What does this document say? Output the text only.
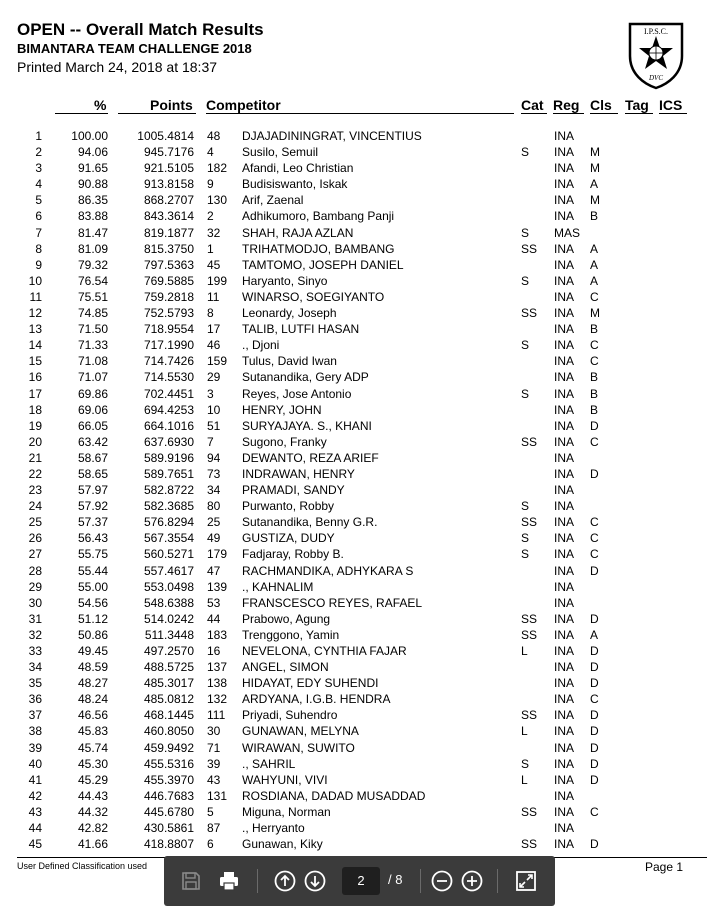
OPEN -- Overall Match Results
BIMANTARA TEAM CHALLENGE 2018
Printed March 24, 2018 at 18:37
I.P.S.C.
DVC
%	Points Competitor	Cat Reg Cls Tag ICS
1	100.00	1005.4814 48 DJAJADININGRAT, VINCENTIUS	INA
2	94.06	945.7176 4 Susilo, Semuil	S INA M
3	91.65	921.5105 182 Afandi, Leo Christian	INA M
4	90.88	913.8158 9 Budisiswanto, Iskak	INA A
5	86.35	868.2707 130 Arif, Zaenal	INA M
6	83.88	843.3614 2 Adhikumoro, Bambang Panji	INA B
7	81.47	819.1877 32 SHAH, RAJA AZLAN	S MAS
8	81.09	815.3750 1 TRIHATMODJO, BAMBANG	SS INA A
9	79.32	797.5363 45 TAMTOMO, JOSEPH DANIEL	INA A
10	76.54	769.5885 199 Haryanto, Sinyo	S INA A
11	75.51	759.2818 11 WINARSO, SOEGIYANTO	INA C
12	74.85	752.5793 8 Leonardy, Joseph	SS INA M
13	71.50	718.9554 17 TALIB, LUTFI HASAN	INA B
14	71.33	717.1990 46 ., Djoni	S INA C
15	71.08	714.7426 159 Tulus, David Iwan	INA C
16	71.07	714.5530 29 Sutanandika, Gery ADP	INA B
17	69.86	702.4451 3 Reyes, Jose Antonio	S INA B
18	69.06	694.4253 10 HENRY, JOHN	INA B
19	66.05	664.1016 51 SURYAJAYA. S., KHANI	INA D
20	63.42	637.6930 7 Sugono, Franky	SS INA C
21	58.67	589.9196 94 DEWANTO, REZA ARIEF	INA
22	58.65	589.7651 73 INDRAWAN, HENRY	INA D
23	57.97	582.8722 34 PRAMADI, SANDY	INA
24	57.92	582.3685 80 Purwanto, Robby	S INA
25	57.37	576.8294 25 Sutanandika, Benny G.R.	SS INA C
26	56.43	567.3554 49 GUSTIZA, DUDY	S INA C
27	55.75	560.5271 179 Fadjaray, Robby B.	S INA C
28	55.44	557.4617 47 RACHMANDIKA, ADHYKARA S	INA D
29	55.00	553.0498 139 ., KAHNALIM	INA
30	54.56	548.6388 53 FRANSCESCO REYES, RAFAEL	INA
31	51.12	514.0242 44 Prabowo, Agung	SS INA D
32	50.86	511.3448 183 Trenggono, Yamin	SS INA A
33	49.45	497.2570 16 NEVELONA, CYNTHIA FAJAR	L INA D
34	48.59	488.5725 137 ANGEL, SIMON	INA D
35	48.27	485.3017 138 HIDAYAT, EDY SUHENDI	INA D
36	48.24	485.0812 132 ARDYANA, I.G.B. HENDRA	INA C
37	46.56	468.1445 111 Priyadi, Suhendro	SS INA D
38	45.83	460.8050 30 GUNAWAN, MELYNA	L INA D
39	45.74	459.9492 71 WIRAWAN, SUWITO	INA D
40	45.30	455.5316 39 ., SAHRIL	S INA D
41	45.29	455.3970 43 WAHYUNI, VIVI	L INA D
42	44.43	446.7683 131 ROSDIANA, DADAD MUSADDAD	INA
43	44.32	445.6780 5 Miguna, Norman	SS INA C
44	42.82	430.5861 87 ., Herryanto	INA
45	41.66	418.8807 6 Gunawan, Kiky	SS INA D
User Defined Classification used	Page 1
2
/ 8
